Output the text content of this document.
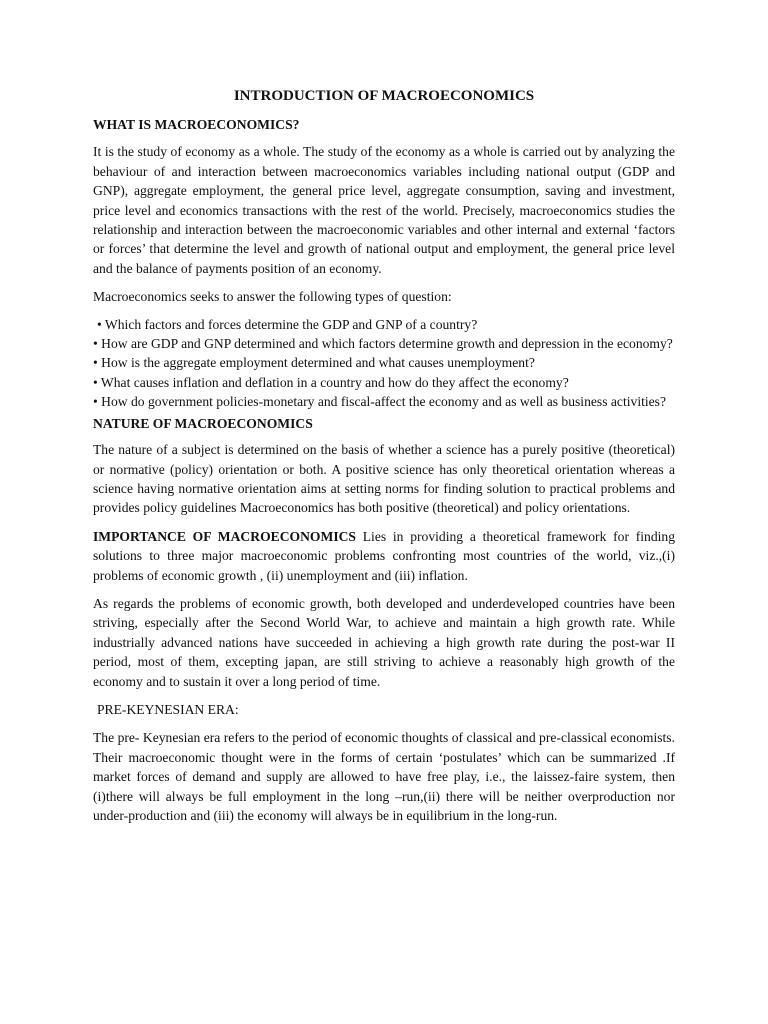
INTRODUCTION OF MACROECONOMICS
WHAT IS MACROECONOMICS?

It is the study of economy as a whole. The study of the economy as a whole is carried out by analyzing the behaviour of and interaction between macroeconomics variables including national output (GDP and GNP), aggregate employment, the general price level, aggregate consumption, saving and investment, price level and economics transactions with the rest of the world. Precisely, macroeconomics studies the relationship and interaction between the macroeconomic variables and other internal and external ‘factors or forces’ that determine the level and growth of national output and employment, the general price level and the balance of payments position of an economy.

Macroeconomics seeks to answer the following types of question:

• Which factors and forces determine the GDP and GNP of a country?
• How are GDP and GNP determined and which factors determine growth and depression in the economy?
• How is the aggregate employment determined and what causes unemployment?
• What causes inflation and deflation in a country and how do they affect the economy?
• How do government policies-monetary and fiscal-affect the economy and as well as business activities?
NATURE OF MACROECONOMICS

The nature of a subject is determined on the basis of whether a science has a purely positive (theoretical) or normative (policy) orientation or both. A positive science has only theoretical orientation whereas a science having normative orientation aims at setting norms for finding solution to practical problems and provides policy guidelines Macroeconomics has both positive (theoretical) and policy orientations.

IMPORTANCE OF MACROECONOMICS Lies in providing a theoretical framework for finding solutions to three major macroeconomic problems confronting most countries of the world, viz.,(i) problems of economic growth , (ii) unemployment and (iii) inflation.

As regards the problems of economic growth, both developed and underdeveloped countries have been striving, especially after the Second World War, to achieve and maintain a high growth rate. While industrially advanced nations have succeeded in achieving a high growth rate during the post-war II period, most of them, excepting japan, are still striving to achieve a reasonably high growth of the economy and to sustain it over a long period of time.

PRE-KEYNESIAN ERA:

The pre- Keynesian era refers to the period of economic thoughts of classical and pre-classical economists. Their macroeconomic thought were in the forms of certain ‘postulates’ which can be summarized .If market forces of demand and supply are allowed to have free play, i.e., the laissez-faire system, then (i)there will always be full employment in the long –run,(ii) there will be neither overproduction nor under-production and (iii) the economy will always be in equilibrium in the long-run.
